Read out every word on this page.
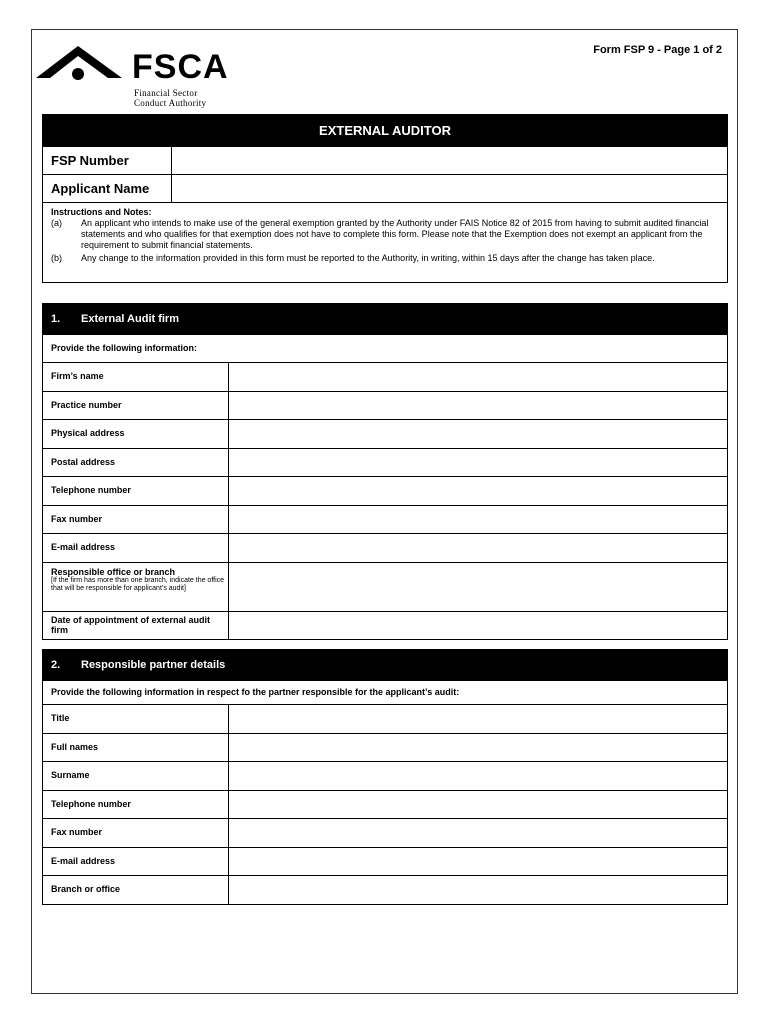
FSCA
Financial Sector
Conduct Authority
Form FSP 9 - Page 1 of 2
EXTERNAL AUDITOR
FSP Number
Applicant Name
Instructions and Notes:
(a)	An applicant who intends to make use of the general exemption granted by the Authority under FAIS Notice 82 of 2015 from having to submit audited financial statements and who qualifies for that exemption does not have to complete this form. Please note that the Exemption does not exempt an applicant from the requirement to submit financial statements.
(b)	Any change to the information provided in this form must be reported to the Authority, in writing, within 15 days after the change has taken place.
1. External Audit firm
Provide the following information:
Firm’s name
Practice number
Physical address
Postal address
Telephone number
Fax number
E-mail address
Responsible office or branch
[If the firm has more than one branch, indicate the office that will be responsible for applicant’s audit]
Date of appointment of external audit firm
2. Responsible partner details
Provide the following information in respect fo the partner responsible for the applicant’s audit:
Title
Full names
Surname
Telephone number
Fax number
E-mail address
Branch or office
